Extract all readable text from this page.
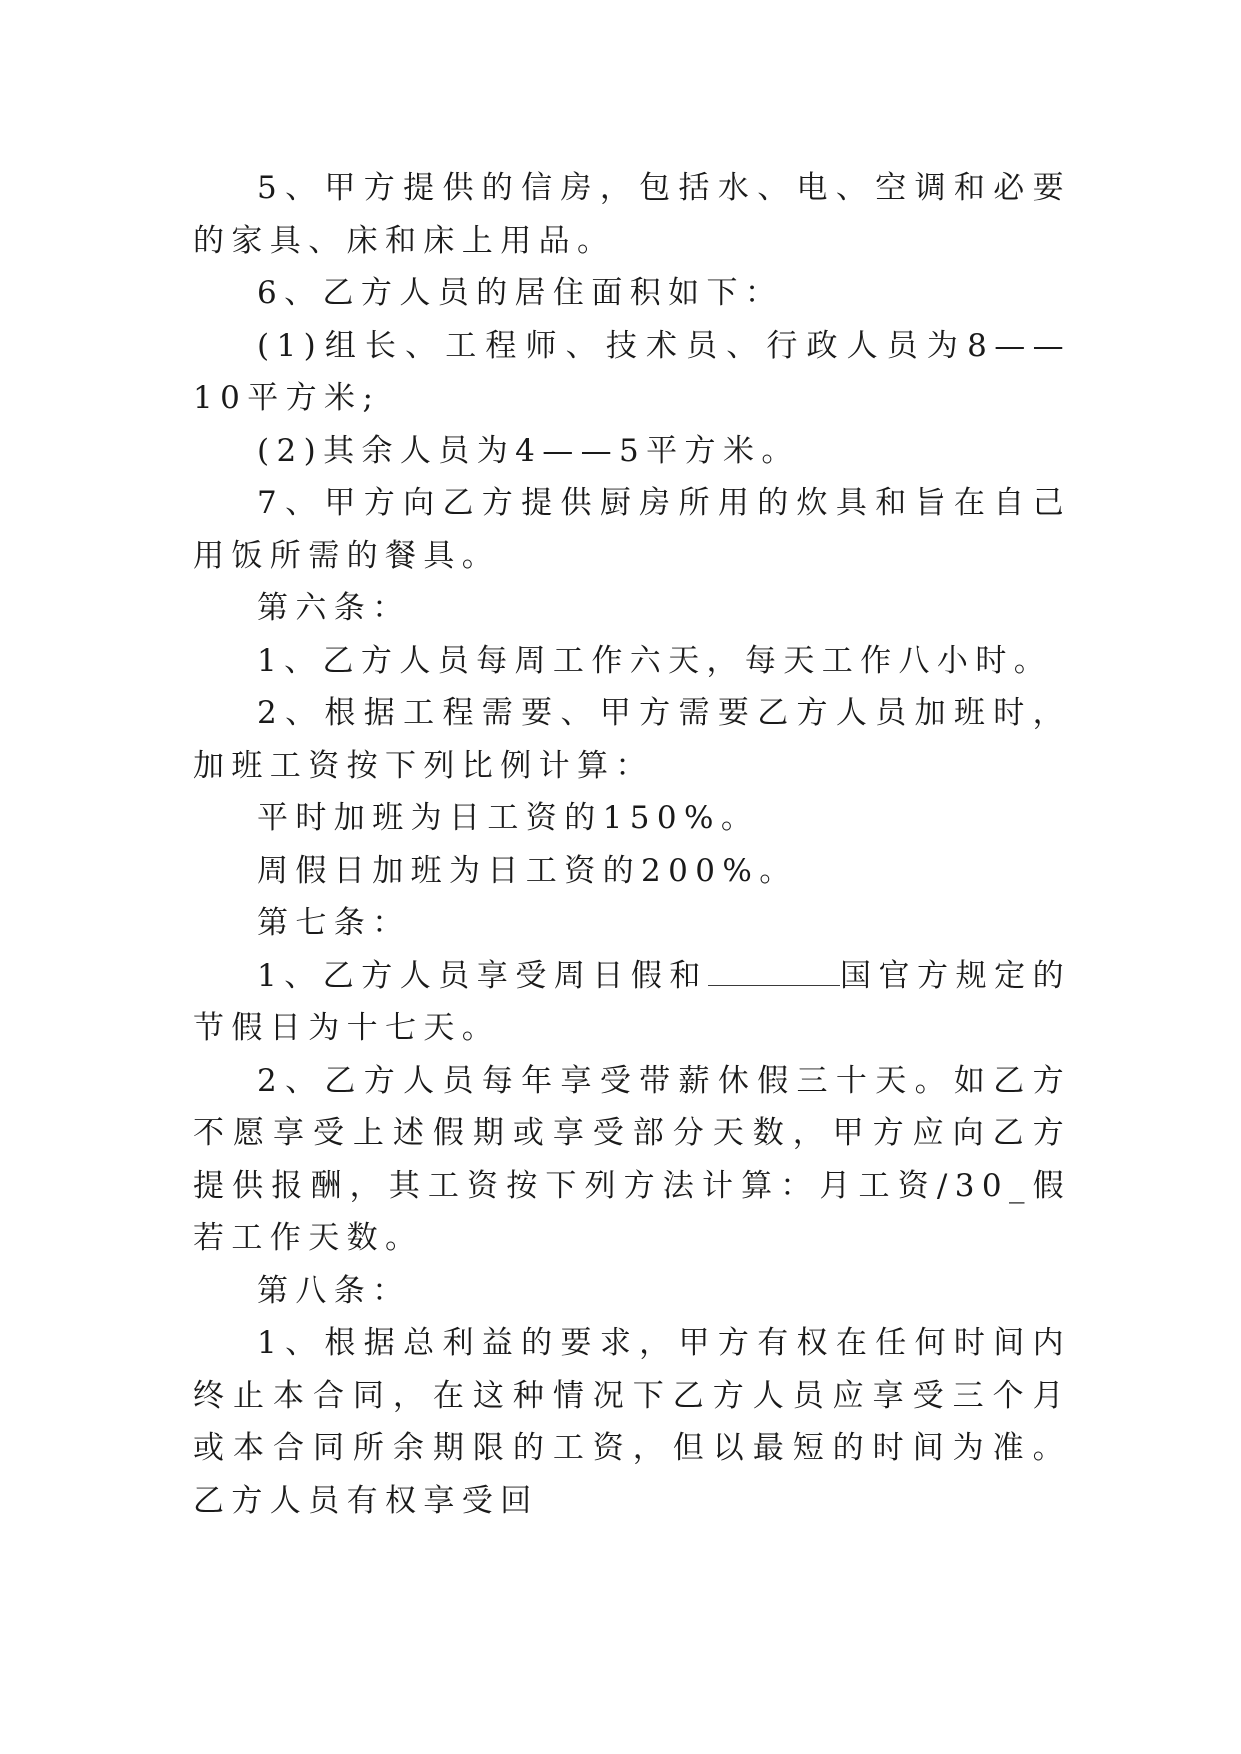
5、甲方提供的信房，包括水、电、空调和必要的家具、床和床上用品。

6、乙方人员的居住面积如下：

(1)组长、工程师、技术员、行政人员为8——10平方米;

(2)其余人员为4——5平方米。

7、甲方向乙方提供厨房所用的炊具和旨在自己用饭所需的餐具。

第六条：

1、乙方人员每周工作六天，每天工作八小时。

2、根据工程需要、甲方需要乙方人员加班时，加班工资按下列比例计算：

平时加班为日工资的150%。

周假日加班为日工资的200%。

第七条：

1、乙方人员享受周日假和	国官方规定的节假日为十七天。

2、乙方人员每年享受带薪休假三十天。如乙方不愿享受上述假期或享受部分天数，甲方应向乙方提供报酬，其工资按下列方法计算：月工资/30_假若工作天数。

第八条：

1、根据总利益的要求，甲方有权在任何时间内终止本合同，在这种情况下乙方人员应享受三个月或本合同所余期限的工资，但以最短的时间为准。乙方人员有权享受回
